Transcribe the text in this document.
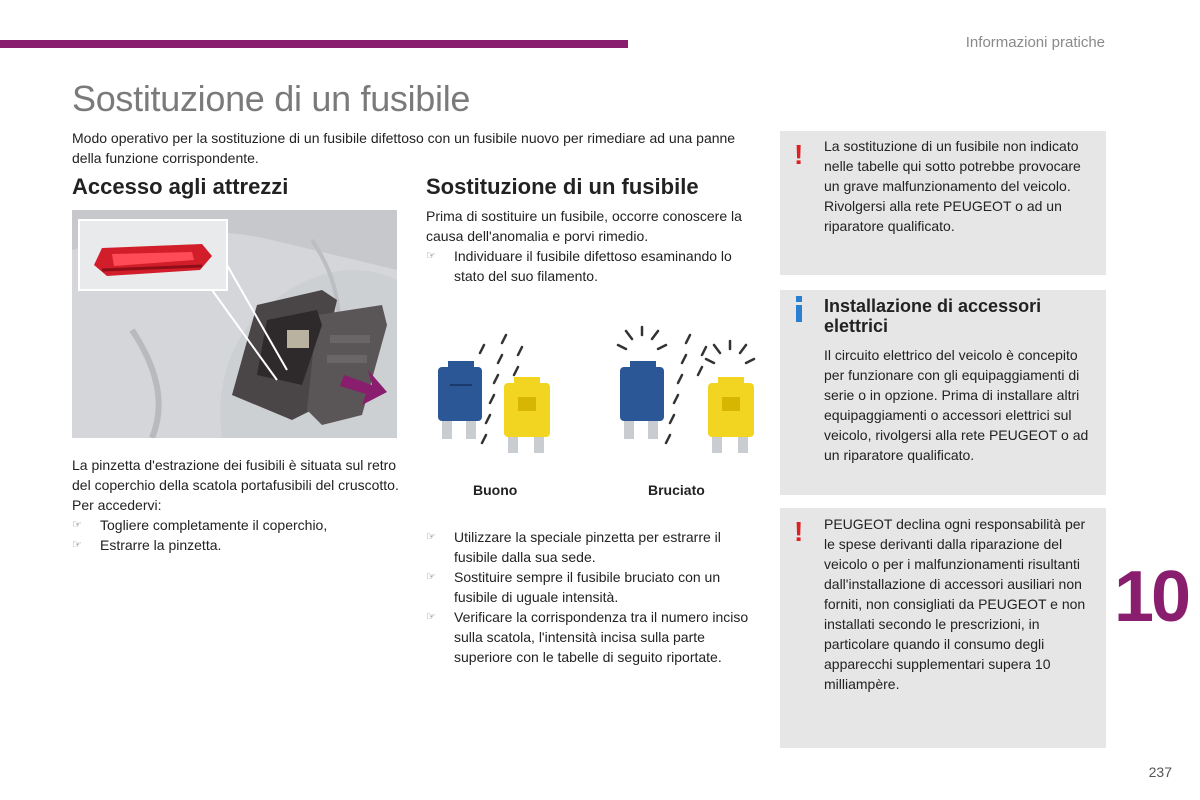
Informazioni pratiche
Sostituzione di un fusibile

Modo operativo per la sostituzione di un fusibile difettoso con un fusibile nuovo per rimediare ad una panne della funzione corrispondente.

Accesso agli attrezzi	Sostituzione di un fusibile

La pinzetta d'estrazione dei fusibili è situata sul retro del coperchio della scatola portafusibili del cruscotto.

Per accedervi:

☞ Togliere completamente il coperchio,

☞ Estrarre la pinzetta.

Prima di sostituire un fusibile, occorre conoscere la causa dell'anomalia e porvi rimedio.

☞ Individuare il fusibile difettoso esaminando lo stato del suo filamento.

Buono	Bruciato

☞ Utilizzare la speciale pinzetta per estrarre il fusibile dalla sua sede.

☞ Sostituire sempre il fusibile bruciato con un fusibile di uguale intensità.

☞ Verificare la corrispondenza tra il numero inciso sulla scatola, l'intensità incisa sulla parte superiore con le tabelle di seguito riportate.

! La sostituzione di un fusibile non indicato nelle tabelle qui sotto potrebbe provocare un grave malfunzionamento del veicolo.
Rivolgersi alla rete PEUGEOT o ad un riparatore qualificato.
Installazione di accessori elettrici
Il circuito elettrico del veicolo è concepito per funzionare con gli equipaggiamenti di serie o in opzione. Prima di installare altri equipaggiamenti o accessori elettrici sul veicolo, rivolgersi alla rete PEUGEOT o ad un riparatore qualificato.
! PEUGEOT declina ogni responsabilità per le spese derivanti dalla riparazione del veicolo o per i malfunzionamenti risultanti dall'installazione di accessori ausiliari non forniti, non consigliati da PEUGEOT e non installati secondo le prescrizioni, in particolare quando il consumo degli apparecchi supplementari supera 10 milliampère.
10
237
